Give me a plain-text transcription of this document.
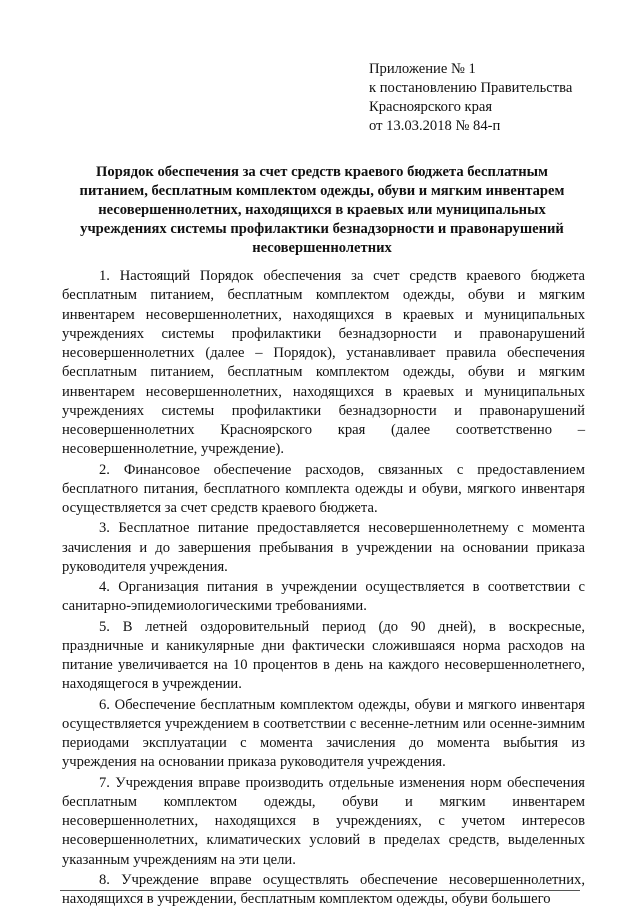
Приложение № 1
к постановлению Правительства
Красноярского края
от 13.03.2018 № 84-п
Порядок обеспечения за счет средств краевого бюджета бесплатным питанием, бесплатным комплектом одежды, обуви и мягким инвентарем несовершеннолетних, находящихся в краевых или муниципальных учреждениях системы профилактики безнадзорности и правонарушений несовершеннолетних

1. Настоящий Порядок обеспечения за счет средств краевого бюджета бесплатным питанием, бесплатным комплектом одежды, обуви и мягким инвентарем несовершеннолетних, находящихся в краевых и муниципальных учреждениях системы профилактики безнадзорности и правонарушений несовершеннолетних (далее – Порядок), устанавливает правила обеспечения бесплатным питанием, бесплатным комплектом одежды, обуви и мягким инвентарем несовершеннолетних, находящихся в краевых и муниципальных учреждениях системы профилактики безнадзорности и правонарушений несовершеннолетних Красноярского края (далее соответственно – несовершеннолетние, учреждение).

2. Финансовое обеспечение расходов, связанных с предоставлением бесплатного питания, бесплатного комплекта одежды и обуви, мягкого инвентаря осуществляется за счет средств краевого бюджета.

3. Бесплатное питание предоставляется несовершеннолетнему с момента зачисления и до завершения пребывания в учреждении на основании приказа руководителя учреждения.

4. Организация питания в учреждении осуществляется в соответствии с санитарно-эпидемиологическими требованиями.

5. В летней оздоровительный период (до 90 дней), в воскресные, праздничные и каникулярные дни фактически сложившаяся норма расходов на питание увеличивается на 10 процентов в день на каждого несовершеннолетнего, находящегося в учреждении.

6. Обеспечение бесплатным комплектом одежды, обуви и мягкого инвентаря осуществляется учреждением в соответствии с весенне-летним или осенне-зимним периодами эксплуатации с момента зачисления до момента выбытия из учреждения на основании приказа руководителя учреждения.

7. Учреждения вправе производить отдельные изменения норм обеспечения бесплатным комплектом одежды, обуви и мягким инвентарем несовершеннолетних, находящихся в учреждениях, с учетом интересов несовершеннолетних, климатических условий в пределах средств, выделенных указанным учреждениям на эти цели.

8. Учреждение вправе осуществлять обеспечение несовершеннолетних, находящихся в учреждении, бесплатным комплектом одежды, обуви большего
